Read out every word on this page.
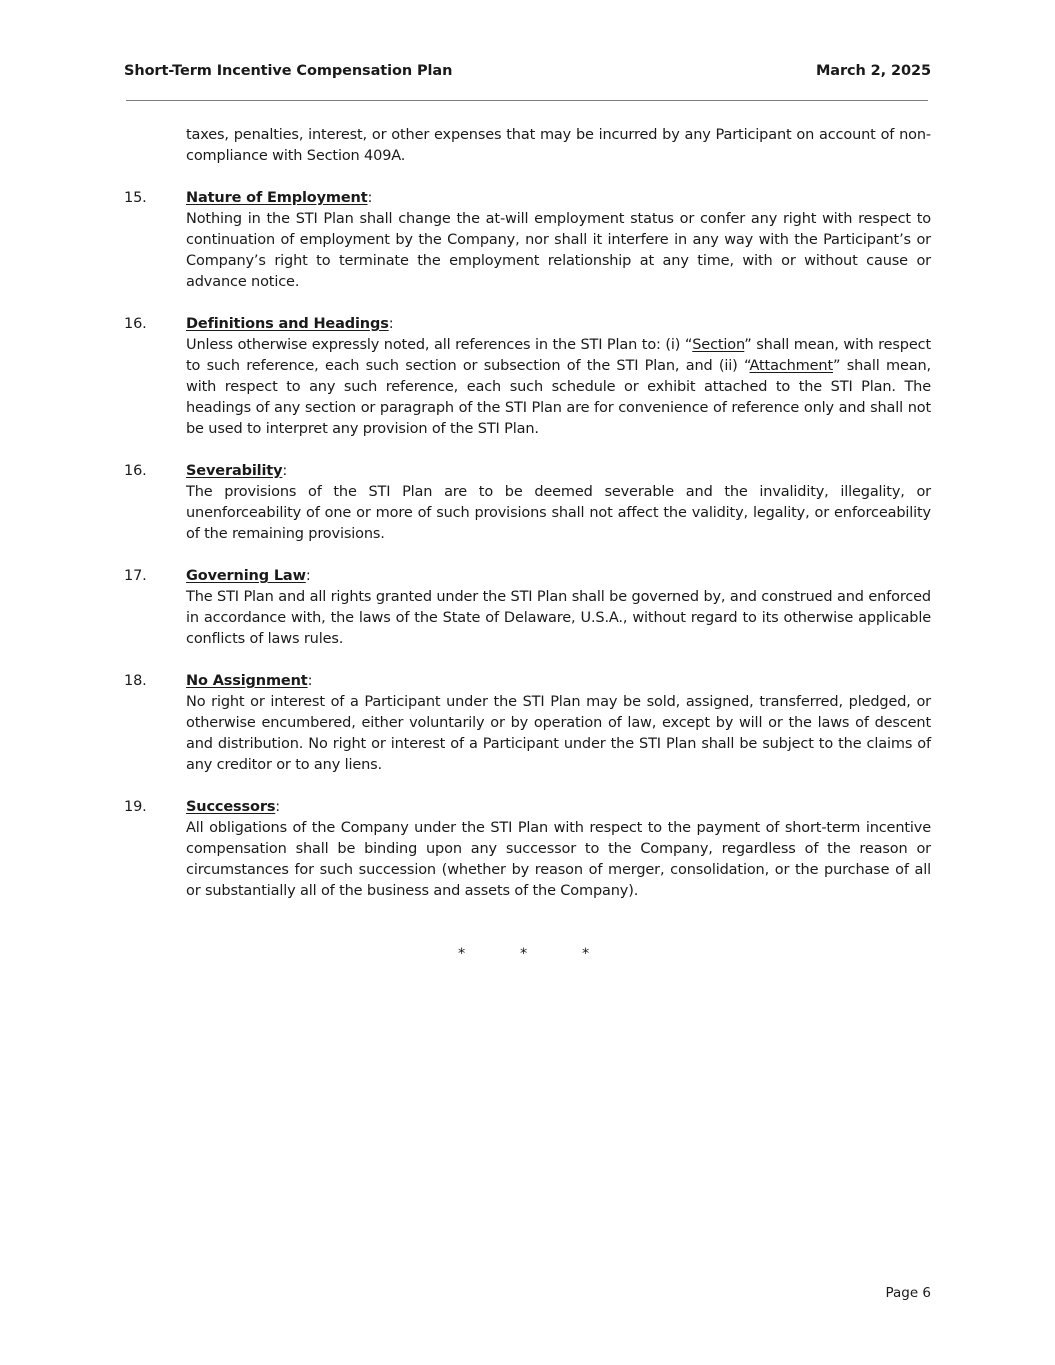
Short-Term Incentive Compensation Plan	March 2, 2025

taxes, penalties, interest, or other expenses that may be incurred by any Participant on account of non- compliance with Section 409A.

15.	Nature of Employment:

Nothing in the STI Plan shall change the at-will employment status or confer any right with respect to continuation of employment by the Company, nor shall it interfere in any way with the Participant’s or Company’s right to terminate the employment relationship at any time, with or without cause or advance notice.

16.	Definitions and Headings:

Unless otherwise expressly noted, all references in the STI Plan to: (i) “Section” shall mean, with respect to such reference, each such section or subsection of the STI Plan, and (ii) “Attachment” shall mean, with respect to any such reference, each such schedule or exhibit attached to the STI Plan. The headings of any section or paragraph of the STI Plan are for convenience of reference only and shall not be used to interpret any provision of the STI Plan.

16.	Severability:

The provisions of the STI Plan are to be deemed severable and the invalidity, illegality, or unenforceability of one or more of such provisions shall not affect the validity, legality, or enforceability of the remaining provisions.

17.	Governing Law:

The STI Plan and all rights granted under the STI Plan shall be governed by, and construed and enforced in accordance with, the laws of the State of Delaware, U.S.A., without regard to its otherwise applicable conflicts of laws rules.

18.	No Assignment:

No right or interest of a Participant under the STI Plan may be sold, assigned, transferred, pledged, or otherwise encumbered, either voluntarily or by operation of law, except by will or the laws of descent and distribution. No right or interest of a Participant under the STI Plan shall be subject to the claims of any creditor or to any liens.

19.	Successors:

All obligations of the Company under the STI Plan with respect to the payment of short-term incentive compensation shall be binding upon any successor to the Company, regardless of the reason or circumstances for such succession (whether by reason of merger, consolidation, or the purchase of all or substantially all of the business and assets of the Company).

*	*	*
Page 6
